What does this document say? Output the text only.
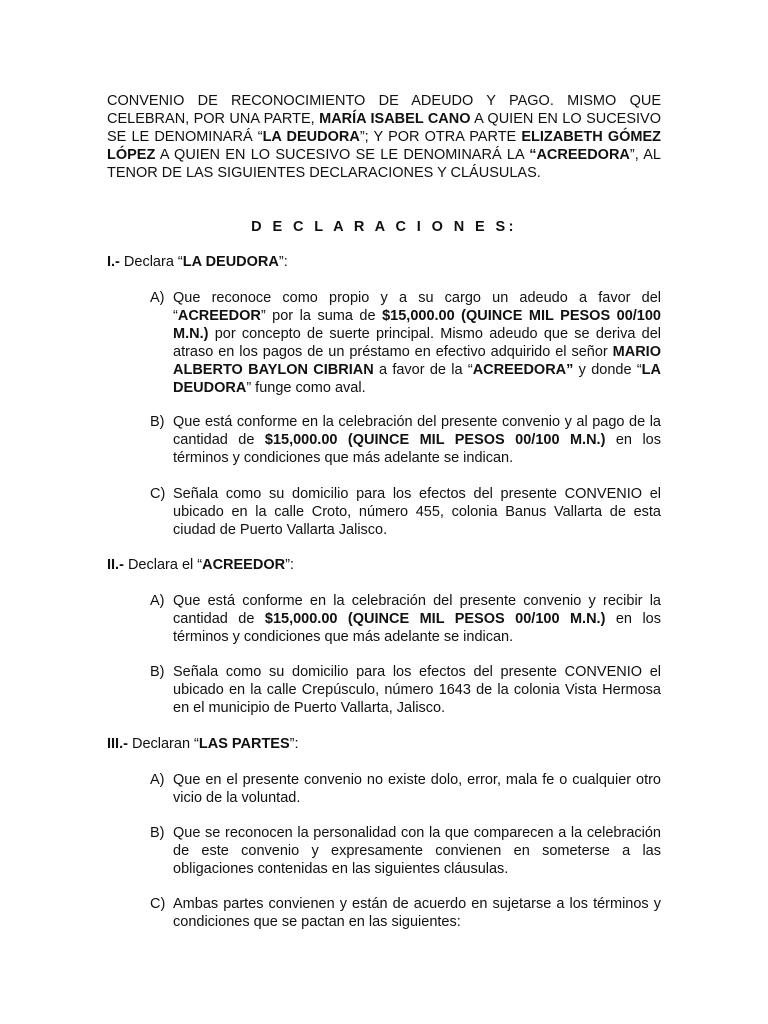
CONVENIO DE RECONOCIMIENTO DE ADEUDO Y PAGO. MISMO QUE CELEBRAN, POR UNA PARTE, MARÍA ISABEL CANO A QUIEN EN LO SUCESIVO SE LE DENOMINARÁ “LA DEUDORA”; Y POR OTRA PARTE ELIZABETH GÓMEZ LÓPEZ A QUIEN EN LO SUCESIVO SE LE DENOMINARÁ LA “ACREEDORA”, AL TENOR DE LAS SIGUIENTES DECLARACIONES Y CLÁUSULAS.

D E C L A R A C I O N E S:
I.- Declara “LA DEUDORA”:
A) Que reconoce como propio y a su cargo un adeudo a favor del “ACREEDOR” por la suma de $15,000.00 (QUINCE MIL PESOS 00/100 M.N.) por concepto de suerte principal. Mismo adeudo que se deriva del atraso en los pagos de un préstamo en efectivo adquirido el señor MARIO ALBERTO BAYLON CIBRIAN a favor de la “ACREEDORA” y donde “LA DEUDORA” funge como aval.
B) Que está conforme en la celebración del presente convenio y al pago de la cantidad de $15,000.00 (QUINCE MIL PESOS 00/100 M.N.) en los términos y condiciones que más adelante se indican.
C) Señala como su domicilio para los efectos del presente CONVENIO el ubicado en la calle Croto, número 455, colonia Banus Vallarta de esta ciudad de Puerto Vallarta Jalisco.
II.- Declara el “ACREEDOR”:
A) Que está conforme en la celebración del presente convenio y recibir la cantidad de $15,000.00 (QUINCE MIL PESOS 00/100 M.N.) en los términos y condiciones que más adelante se indican.
B) Señala como su domicilio para los efectos del presente CONVENIO el ubicado en la calle Crepúsculo, número 1643 de la colonia Vista Hermosa en el municipio de Puerto Vallarta, Jalisco.
III.- Declaran “LAS PARTES”:
A) Que en el presente convenio no existe dolo, error, mala fe o cualquier otro vicio de la voluntad.
B) Que se reconocen la personalidad con la que comparecen a la celebración de este convenio y expresamente convienen en someterse a las obligaciones contenidas en las siguientes cláusulas.
C) Ambas partes convienen y están de acuerdo en sujetarse a los términos y condiciones que se pactan en las siguientes:
